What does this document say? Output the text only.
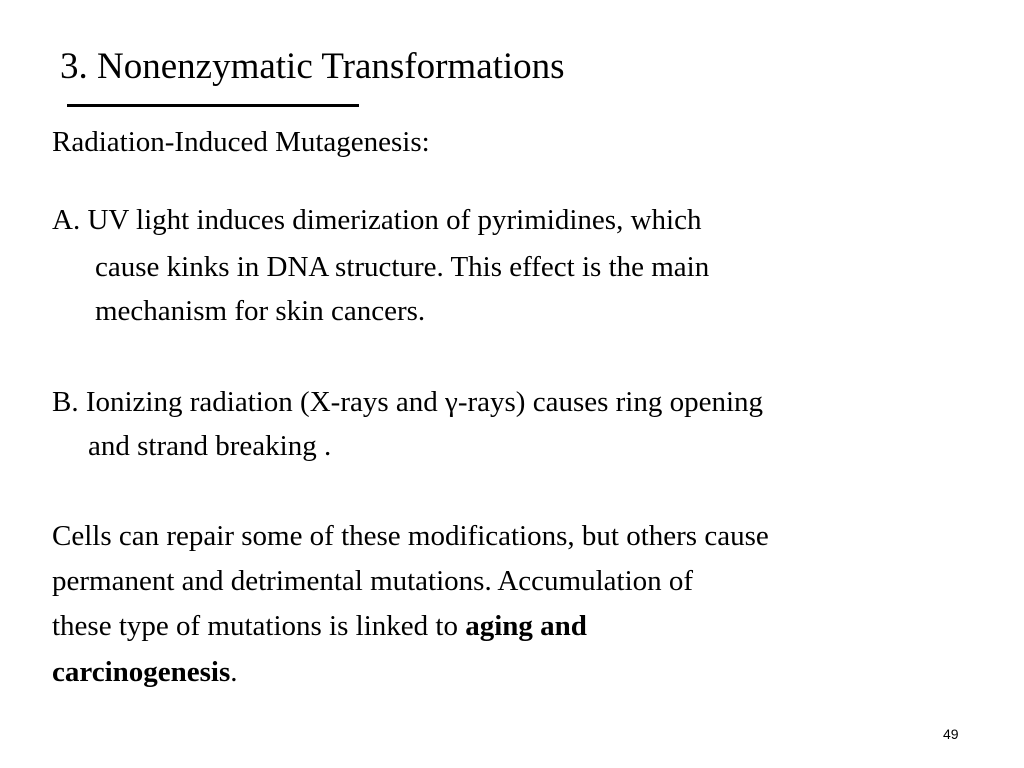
3. Nonenzymatic Transformations
Radiation-Induced Mutagenesis:
A. UV light induces dimerization of pyrimidines, which
cause kinks in DNA structure. This effect is the main
mechanism for skin cancers.
B. Ionizing radiation (X-rays and γ-rays) causes ring opening
and strand breaking .
Cells can repair some of these modifications, but others cause
permanent and detrimental mutations. Accumulation of
these type of mutations is linked to aging and
carcinogenesis.
49
